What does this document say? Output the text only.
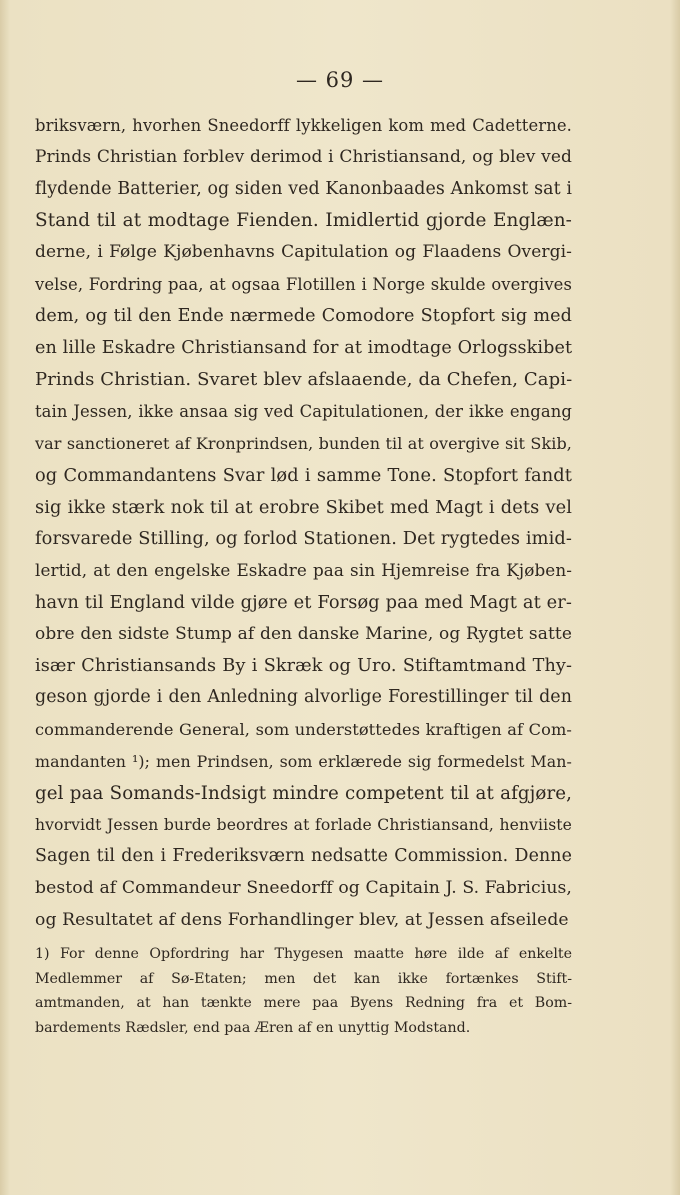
— 69 —
briksværn, hvorhen Sneedorff lykkeligen kom med Cadetterne.
Prinds Christian forblev derimod i Christiansand, og blev ved
flydende Batterier, og siden ved Kanonbaades Ankomst sat i
Stand til at modtage Fienden. Imidlertid gjorde Englæn-
derne, i Følge Kjøbenhavns Capitulation og Flaadens Overgi-
velse, Fordring paa, at ogsaa Flotillen i Norge skulde overgives
dem, og til den Ende nærmede Comodore Stopfort sig med
en lille Eskadre Christiansand for at imodtage Orlogsskibet
Prinds Christian. Svaret blev afslaaende, da Chefen, Capi-
tain Jessen, ikke ansaa sig ved Capitulationen, der ikke engang
var sanctioneret af Kronprindsen, bunden til at overgive sit Skib,
og Commandantens Svar lød i samme Tone. Stopfort fandt
sig ikke stærk nok til at erobre Skibet med Magt i dets vel
forsvarede Stilling, og forlod Stationen. Det rygtedes imid-
lertid, at den engelske Eskadre paa sin Hjemreise fra Kjøben-
havn til England vilde gjøre et Forsøg paa med Magt at er-
obre den sidste Stump af den danske Marine, og Rygtet satte
især Christiansands By i Skræk og Uro. Stiftamtmand Thy-
geson gjorde i den Anledning alvorlige Forestillinger til den
commanderende General, som understøttedes kraftigen af Com-
mandanten ¹); men Prindsen, som erklærede sig formedelst Man-
gel paa Somands-Indsigt mindre competent til at afgjøre,
hvorvidt Jessen burde beordres at forlade Christiansand, henviiste
Sagen til den i Frederiksværn nedsatte Commission. Denne
bestod af Commandeur Sneedorff og Capitain J. S. Fabricius,
og Resultatet af dens Forhandlinger blev, at Jessen afseilede
1) For denne Opfordring har Thygesen maatte høre ilde af enkelte
Medlemmer af Sø-Etaten; men det kan ikke fortænkes Stift-
amtmanden, at han tænkte mere paa Byens Redning fra et Bom-
bardements Rædsler, end paa Æren af en unyttig Modstand.
